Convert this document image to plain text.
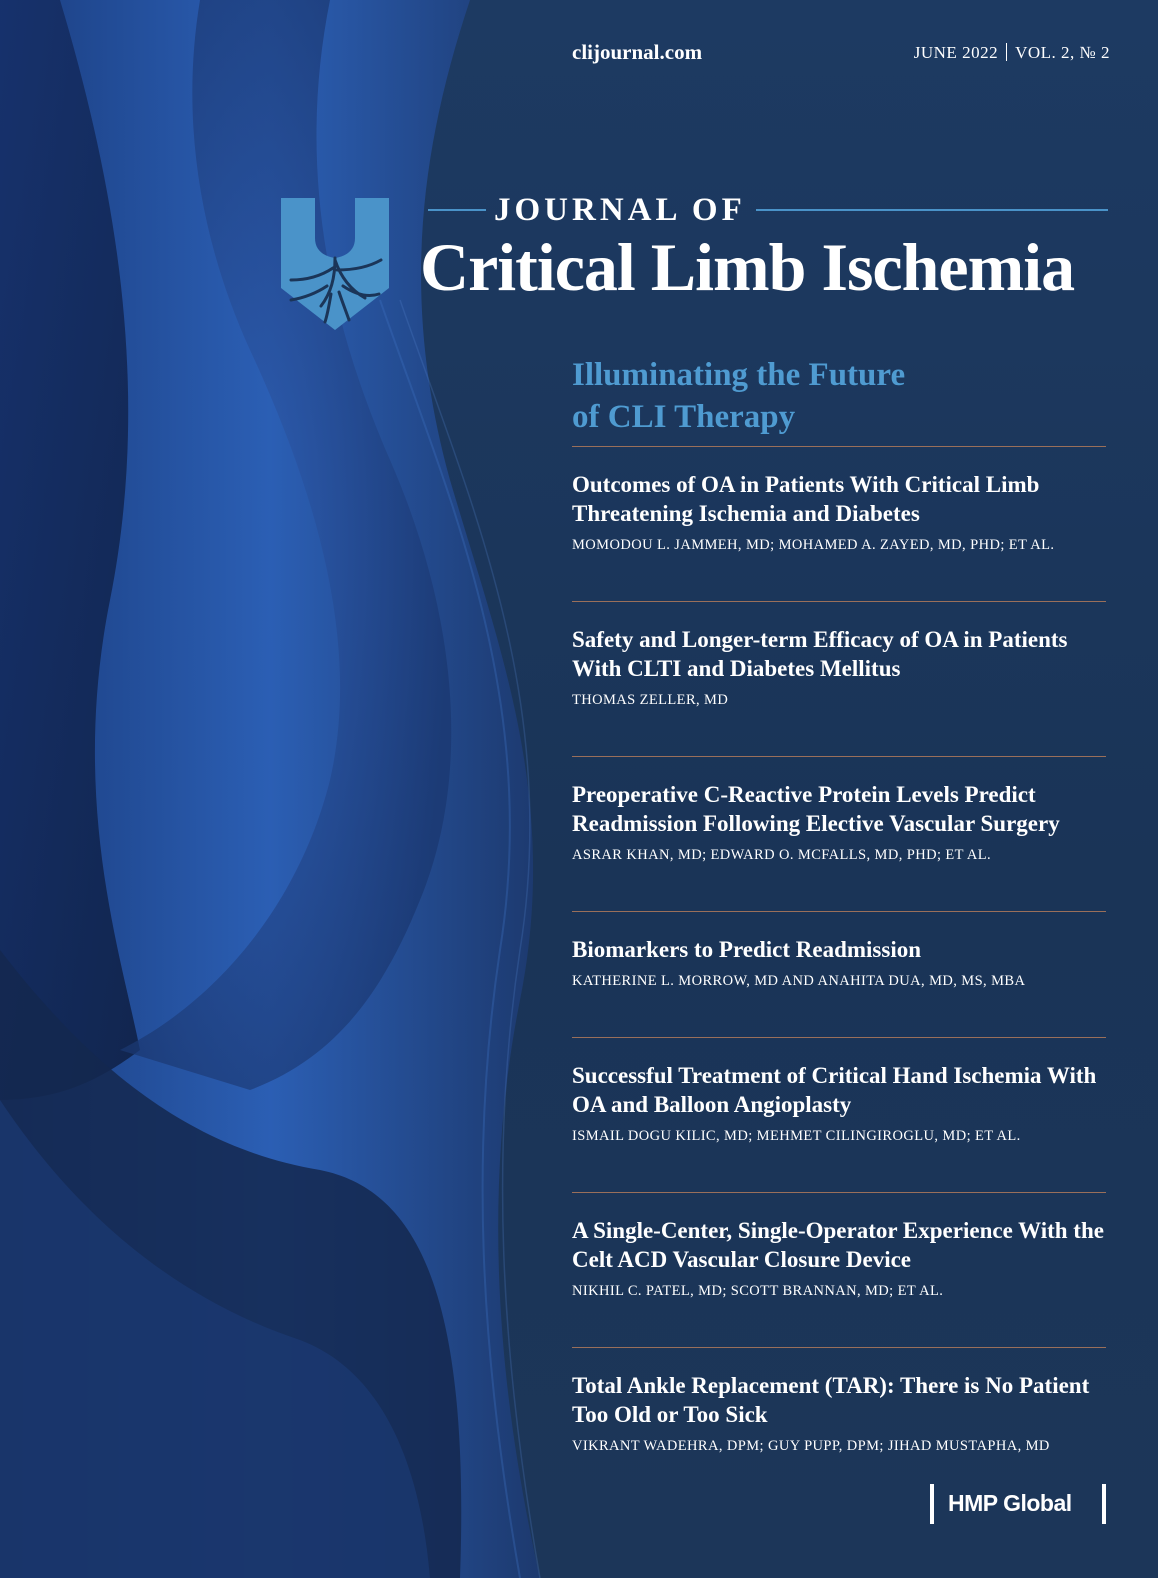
clijournal.com	JUNE 2022 VOL. 2, № 2
JOURNAL OF
Critical Limb Ischemia
Illuminating the Future
of CLI Therapy
Outcomes of OA in Patients With Critical Limb Threatening Ischemia and Diabetes
MOMODOU L. JAMMEH, MD; MOHAMED A. ZAYED, MD, PHD; ET AL.
Safety and Longer-term Efficacy of OA in Patients With CLTI and Diabetes Mellitus
THOMAS ZELLER, MD
Preoperative C-Reactive Protein Levels Predict Readmission Following Elective Vascular Surgery
ASRAR KHAN, MD; EDWARD O. MCFALLS, MD, PHD; ET AL.
Biomarkers to Predict Readmission
KATHERINE L. MORROW, MD AND ANAHITA DUA, MD, MS, MBA
Successful Treatment of Critical Hand Ischemia With OA and Balloon Angioplasty
ISMAIL DOGU KILIC, MD; MEHMET CILINGIROGLU, MD; ET AL.
A Single-Center, Single-Operator Experience With the Celt ACD Vascular Closure Device
NIKHIL C. PATEL, MD; SCOTT BRANNAN, MD; ET AL.
Total Ankle Replacement (TAR): There is No Patient Too Old or Too Sick
VIKRANT WADEHRA, DPM; GUY PUPP, DPM; JIHAD MUSTAPHA, MD
HMP Global
